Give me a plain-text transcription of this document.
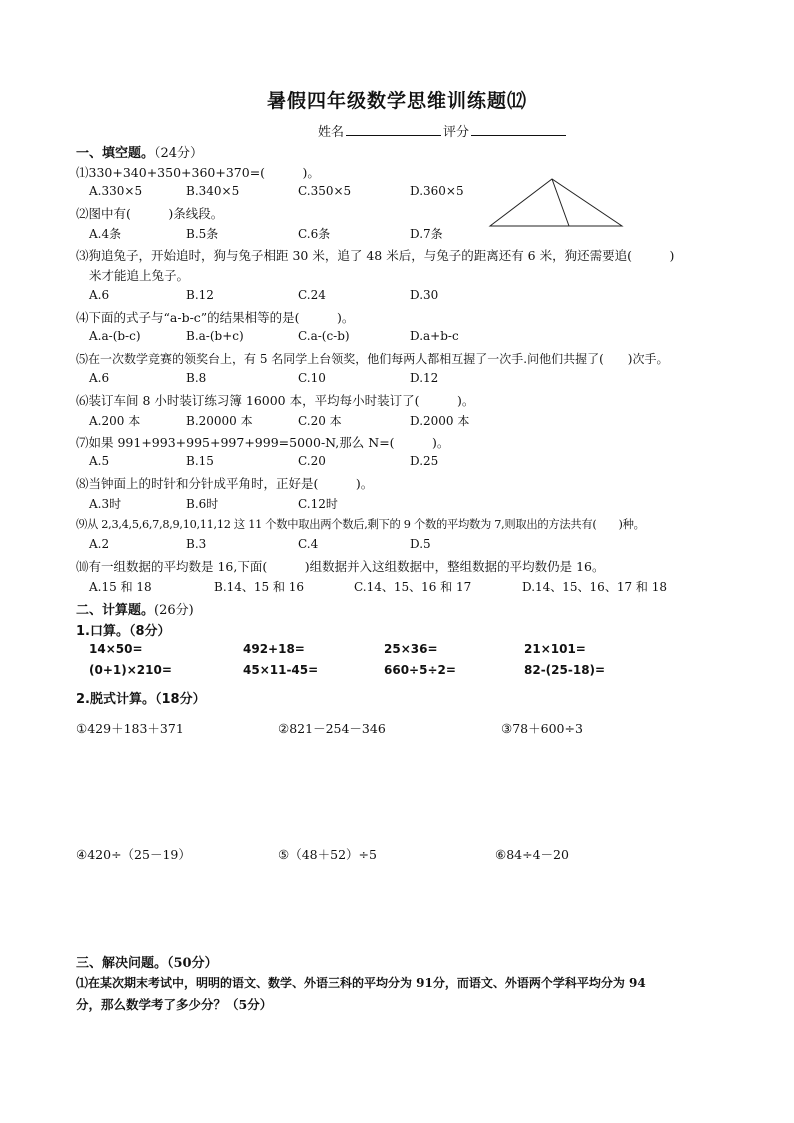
暑假四年级数学思维训练题⑿
姓名	评分
一、填空题。（24分）
⑴330+340+350+360+370=(　　　)。
A.330×5	B.340×5	C.350×5	D.360×5
⑵图中有(　　　)条线段。
A.4条	B.5条	C.6条	D.7条
⑶狗追兔子，开始追时，狗与兔子相距 30 米，追了 48 米后，与兔子的距离还有 6 米，狗还需要追(　　　)
米才能追上兔子。
A.6	B.12	C.24	D.30
⑷下面的式子与“a-b-c”的结果相等的是(　　　)。
A.a-(b-c)	B.a-(b+c)	C.a-(c-b)	D.a+b-c
⑸在一次数学竞赛的领奖台上，有 5 名同学上台领奖，他们每两人都相互握了一次手.问他们共握了(　　)次手。
A.6	B.8	C.10	D.12
⑹装订车间 8 小时装订练习簿 16000 本，平均每小时装订了(　　　)。
A.200 本	B.20000 本	C.20 本	D.2000 本
⑺如果 991+993+995+997+999=5000-N,那么 N=(　　　)。
A.5	B.15	C.20	D.25
⑻当钟面上的时针和分针成平角时，正好是(　　　)。
A.3时	B.6时	C.12时
⑼从 2,3,4,5,6,7,8,9,10,11,12 这 11 个数中取出两个数后,剩下的 9 个数的平均数为 7,则取出的方法共有(　　)种。
A.2	B.3	C.4	D.5
⑽有一组数据的平均数是 16,下面(　　　)组数据并入这组数据中，整组数据的平均数仍是 16。
A.15 和 18	B.14、15 和 16	C.14、15、16 和 17	D.14、15、16、17 和 18
二、计算题。(26分)
1.口算。（8分）
14×50=	492+18=	25×36=	21×101=
(0+1)×210=	45×11-45=	660÷5÷2=	82-(25-18)=
2.脱式计算。（18分）
①429＋183＋371	②821－254－346	③78＋600÷3
④420÷（25－19）	⑤（48＋52）÷5	⑥84÷4－20
三、解决问题。（50分）
⑴在某次期末考试中，明明的语文、数学、外语三科的平均分为 91分，而语文、外语两个学科平均分为 94
分，那么数学考了多少分？（5分）
